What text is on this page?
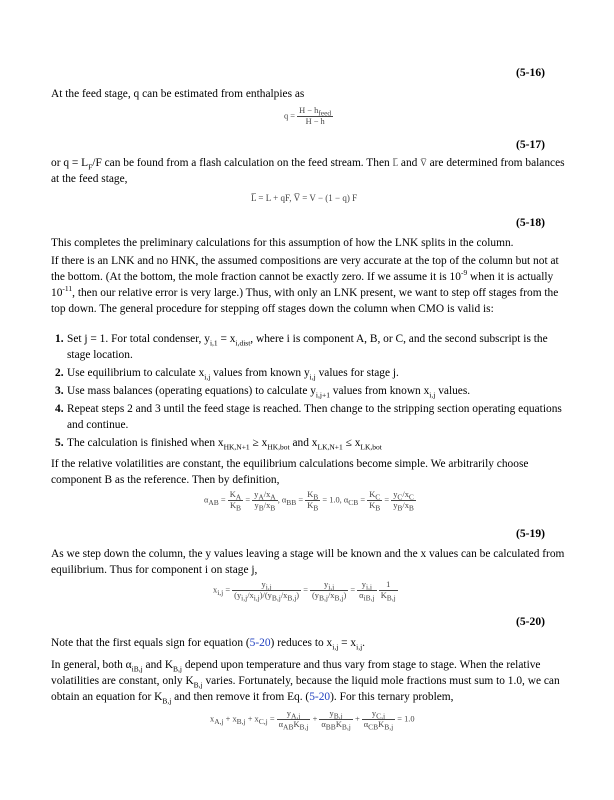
(5-16)
At the feed stage, q can be estimated from enthalpies as
$q = \frac{H - h_{feed}}{H - h}$
(5-17)
or $q = L_F/F$ can be found from a flash calculation on the feed stream. Then L̅ and V̅ are determined from balances at the feed stage,
L̅ = L + qF, V̅ = V − (1 − q) F
(5-18)
This completes the preliminary calculations for this assumption of how the LNK splits in the column.
If there is an LNK and no HNK, the assumed compositions are very accurate at the top of the column but not at the bottom. (At the bottom, the mole fraction cannot be exactly zero. If we assume it is $10^{-9}$ when it is actually $10^{-11}$, then our relative error is very large.) Thus, with only an LNK present, we want to step off stages from the top down. The general procedure for stepping off stages down the column when CMO is valid is:
1. Set j = 1. For total condenser, $y_{i,1} = x_{i,dist}$, where i is component A, B, or C, and the second subscript is the stage location.
2. Use equilibrium to calculate $x_{i,j}$ values from known $y_{i,j}$ values for stage j.
3. Use mass balances (operating equations) to calculate $y_{i,j+1}$ values from known $x_{i,j}$ values.
4. Repeat steps 2 and 3 until the feed stage is reached. Then change to the stripping section operating equations and continue.
5. The calculation is finished when $x_{HK,N+1} \ge x_{HK,bot}$ and $x_{LK,N+1} \le x_{LK,bot}$
If the relative volatilities are constant, the equilibrium calculations become simple. We arbitrarily choose component B as the reference. Then by definition,
$\alpha_{AB} = \frac{K_A}{K_B} = \frac{y_A/x_A}{y_B/x_B}$ , $\alpha_{BB} = \frac{K_B}{K_B} = 1.0$, $\alpha_{CB} = \frac{K_C}{K_B} = \frac{y_C/x_C}{y_B/x_B}$
(5-19)
As we step down the column, the y values leaving a stage will be known and the x values can be calculated from equilibrium. Thus for component i on stage j,
$x_{i,j} = \frac{y_{i,j}}{(y_{i,j}/x_{i,j})/(y_{B,j}/x_{B,j})} = \frac{y_{i,j}}{(y_{B,j}/x_{B,j})} = \frac{y_{i,j}}{\alpha_{iB,j}}$
$\frac{1}{K_{B,j}}$
(5-20)
Note that the first equals sign for equation (5-20) reduces to $x_{i,j} = x_{i,j}$.
In general, both $\alpha_{iB,j}$ and $K_{B,j}$ depend upon temperature and thus vary from stage to stage. When the relative volatilities are constant, only $K_{B,j}$ varies. Fortunately, because the liquid mole fractions must sum to 1.0, we can obtain an equation for $K_{B,j}$ and then remove it from Eq. (5-20). For this ternary problem,
$x_{A,j} + x_{B,j} + x_{C,j} = \frac{y_{A,j}}{\alpha_{AB}K_{B,j}} + \frac{y_{B,j}}{\alpha_{BB}K_{B,j}} + \frac{y_{C,j}}{\alpha_{CB}K_{B,j}} = 1.0$
